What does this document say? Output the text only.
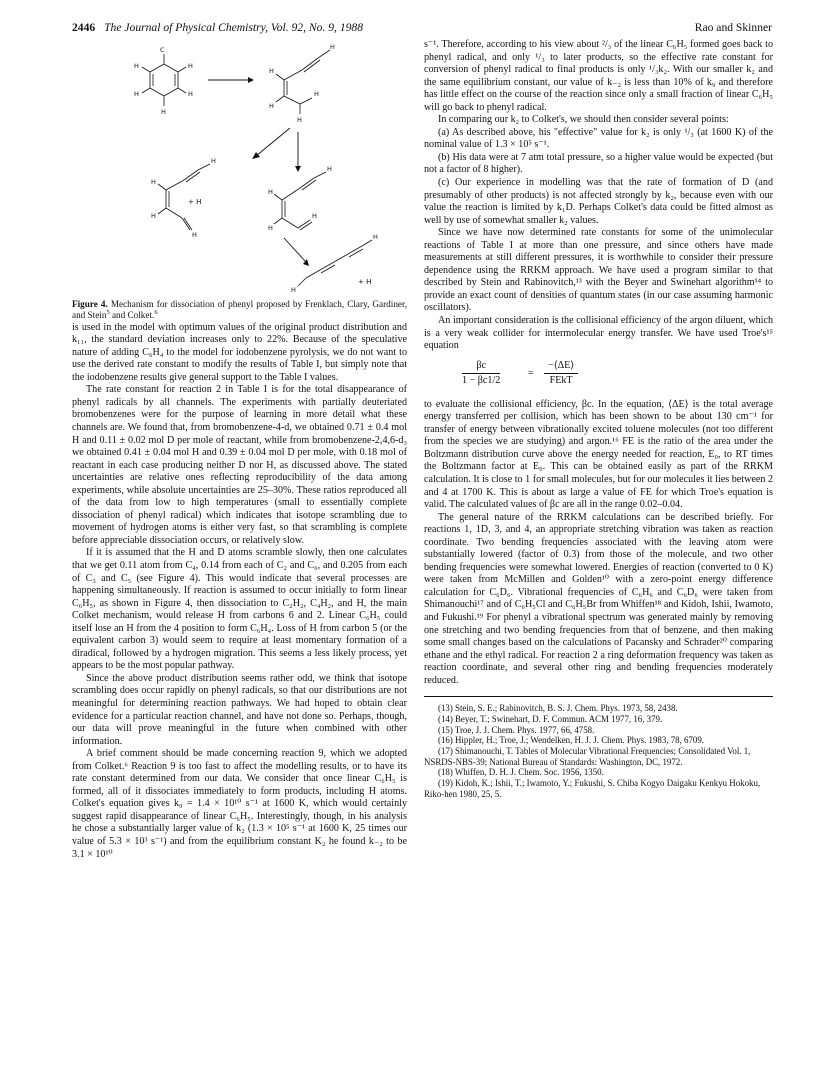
2446 The Journal of Physical Chemistry, Vol. 92, No. 9, 1988	Rao and Skinner
C
H
H
H
H
H
H
H
H
H
H
H
H
H
H
+ H
H
H
H
H
H
H
+ H

Figure 4. Mechanism for dissociation of phenyl proposed by Frenklach, Clary, Gardiner, and Stein$^5$ and Colket.$^6$

is used in the model with optimum values of the original product distribution and k₁₁, the standard deviation increases only to 22%. Because of the speculative nature of adding C₆H₄ to the model for iodobenzene pyrolysis, we do not want to use the derived rate constant to modify the results of Table I, but simply note that the iodobenzene results give general support to the Table I values.

The rate constant for reaction 2 in Table I is for the total disappearance of phenyl radicals by all channels. The experiments with partially deuteriated bromobenzenes were for the purpose of learning in more detail what these channels are. We found that, from bromobenzene-4-d, we obtained 0.71 ± 0.4 mol H and 0.11 ± 0.02 mol D per mole of reactant, while from bromobenzene-2,4,6-d₃ we obtained 0.41 ± 0.04 mol H and 0.39 ± 0.04 mol D per mole, with 0.18 mol of reactant in each case producing neither D nor H, as discussed above. The stated uncertainties are relative ones reflecting reproducibility of the data among experiments, while absolute uncertainties are 25–30%. These ratios reproduced all of the data from low to high temperatures (small to essentially complete dissociation of phenyl radical) which indicates that isotope scrambling due to movement of hydrogen atoms is either very fast, so that scrambling is complete before appreciable dissociation occurs, or relatively slow.

If it is assumed that the H and D atoms scramble slowly, then one calculates that we get 0.11 atom from C₄, 0.14 from each of C₂ and C₆, and 0.205 from each of C₃ and C₅ (see Figure 4). This would indicate that several processes are happening simultaneously. If reaction is assumed to occur initially to form linear C₆H₅, as shown in Figure 4, then dissociation to C₂H₂, C₄H₂, and H, the main Colket mechanism, would release H from carbons 6 and 2. Linear C₆H₅ could itself lose an H from the 4 position to form C₆H₄. Loss of H from carbon 5 (or the equivalent carbon 3) would seem to require at least momentary formation of a diradical, followed by a hydrogen migration. This seems a less likely process, yet appears to be the most popular pathway.

Since the above product distribution seems rather odd, we think that isotope scrambling does occur rapidly on phenyl radicals, so that our distributions are not meaningful for determining reaction pathways. We had hoped to obtain clear evidence for a particular reaction channel, and have not done so. Perhaps, though, our data will prove meaningful in the future when combined with other information.

A brief comment should be made concerning reaction 9, which we adopted from Colket.⁶ Reaction 9 is too fast to affect the modelling results, or to have its rate constant determined from our data. We consider that once linear C₆H₅ is formed, all of it dissociates immediately to form products, including H atoms. Colket's equation gives k₉ = 1.4 × 10¹⁰ s⁻¹ at 1600 K, which would certainly suggest rapid disappearance of linear C₆H₅. Interestingly, though, in his analysis he chose a substantially larger value of k₂ (1.3 × 10⁵ s⁻¹ at 1600 K, 25 times our value of 5.3 × 10³ s⁻¹) and from the equilibrium constant K₂ he found k₋₂ to be 3.1 × 10¹⁰

s⁻¹. Therefore, according to his view about ²/₃ of the linear C₆H₅ formed goes back to phenyl radical, and only ¹/₃ to later products, so the effective rate constant for conversion of phenyl radical to final products is only ¹/₃k₂. With our smaller k₂ and the same equilibrium constant, our value of k₋₂ is less than 10% of k₉ and therefore has little effect on the course of the reaction since only a small fraction of linear C₆H₅ will go back to phenyl radical.

In comparing our k₂ to Colket's, we should then consider several points:

(a) As described above, his "effective" value for k₂ is only ¹/₃ (at 1600 K) of the nominal value of 1.3 × 10⁵ s⁻¹.

(b) His data were at 7 atm total pressure, so a higher value would be expected (but not a factor of 8 higher).

(c) Our experience in modelling was that the rate of formation of D (and presumably of other products) is not affected strongly by k₂, because even with our value the reaction is limited by k₁D. Perhaps Colket's data could be fitted almost as well by use of somewhat smaller k₂ values.

Since we have now determined rate constants for some of the unimolecular reactions of Table I at more than one pressure, and since others have made measurements at still different pressures, it is worthwhile to consider their pressure dependence using the RRKM approach. We have used a program similar to that described by Stein and Rabinovitch,¹³ with the Beyer and Swinehart algorithm¹⁴ to provide an exact count of densities of quantum states (in our case assuming harmonic oscillators).

An important consideration is the collisional efficiency of the argon diluent, which is a very weak collider for intermolecular energy transfer. We have used Troe's¹⁵ equation

$\frac{\beta c}{1 - \beta c1/2}$	=
−⟨ΔE⟩
FEkT

to evaluate the collisional efficiency, βc. In the equation, ⟨ΔE⟩ is the total average energy transferred per collision, which has been shown to be about 130 cm⁻¹ for transfer of energy between vibrationally excited toluene molecules (not too different from the species we are studying) and argon.¹⁶ FE is the ratio of the area under the Boltzmann distribution curve above the energy needed for reaction, E₀, to RT times the Boltzmann factor at E₀. This can be obtained easily as part of the RRKM calculation. It is close to 1 for small molecules, but for our molecules it lies between 2 and 4 at 1700 K. This is about as large a value of FE for which Troe's equation is valid. The calculated values of βc are all in the range 0.02–0.04.

The general nature of the RRKM calculations can be described briefly. For reactions 1, 1D, 3, and 4, an appropriate stretching vibration was taken as reaction coordinate. Two bending frequencies associated with the leaving atom were substantially lowered (factor of 0.3) from those of the molecule, and two other bending frequencies were somewhat lowered. Energies of reaction (converted to 0 K) were taken from McMillen and Golden¹⁰ with a zero-point energy difference calculation for C₆D₆. Vibrational frequencies of C₆H₆ and C₆D₆ were taken from Shimanouchi¹⁷ and of C₆H₅Cl and C₆H₅Br from Whiffen¹⁸ and Kidoh, Ishii, Iwamoto, and Fukushi.¹⁹ For phenyl a vibrational spectrum was generated mainly by removing one stretching and two bending frequencies from that of benzene, and then making some small changes based on the calculations of Pacansky and Schrader²⁰ comparing ethane and the ethyl radical. For reaction 2 a ring deformation frequency was taken as reaction coordinate, and several other ring and bending frequencies moderately reduced.

(13) Stein, S. E.; Rabinovitch, B. S. J. Chem. Phys. 1973, 58, 2438.

(14) Beyer, T.; Swinehart, D. F. Commun. ACM 1977, 16, 379.

(15) Troe, J. J. Chem. Phys. 1977, 66, 4758.

(16) Hippler, H.; Troe, J.; Wendelken, H. J. J. Chem. Phys. 1983, 78, 6709.

(17) Shimanouchi, T. Tables of Molecular Vibrational Frequencies; Consolidated Vol. 1, NSRDS-NBS-39; National Bureau of Standards: Washington, DC, 1972.

(18) Whiffen, D. H. J. Chem. Soc. 1956, 1350.

(19) Kidoh, K.; Ishii, T.; Iwamoto, Y.; Fukushi, S. Chiba Kogyo Daigaku Kenkyu Hokoku, Riko-hen 1980, 25, 5.
